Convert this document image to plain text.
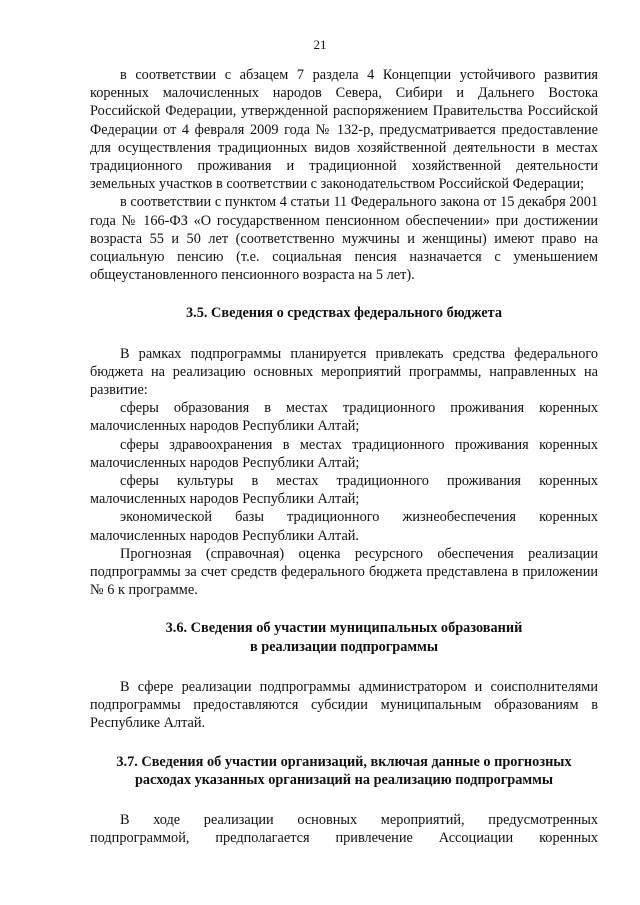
21

в соответствии с абзацем 7 раздела 4 Концепции устойчивого развития коренных малочисленных народов Севера, Сибири и Дальнего Востока Российской Федерации, утвержденной распоряжением Правительства Российской Федерации от 4 февраля 2009 года № 132-р, предусматривается предоставление для осуществления традиционных видов хозяйственной деятельности в местах традиционного проживания и традиционной хозяйственной деятельности земельных участков в соответствии с законодательством Российской Федерации;

в соответствии с пунктом 4 статьи 11 Федерального закона от 15 декабря 2001 года № 166-ФЗ «О государственном пенсионном обеспечении» при достижении возраста 55 и 50 лет (соответственно мужчины и женщины) имеют право на социальную пенсию (т.е. социальная пенсия назначается с уменьшением общеустановленного пенсионного возраста на 5 лет).

3.5. Сведения о средствах федерального бюджета

В рамках подпрограммы планируется привлекать средства федерального бюджета на реализацию основных мероприятий программы, направленных на развитие:

сферы образования в местах традиционного проживания коренных малочисленных народов Республики Алтай;

сферы здравоохранения в местах традиционного проживания коренных малочисленных народов Республики Алтай;

сферы культуры в местах традиционного проживания коренных малочисленных народов Республики Алтай;

экономической базы традиционного жизнеобеспечения коренных малочисленных народов Республики Алтай.

Прогнозная (справочная) оценка ресурсного обеспечения реализации подпрограммы за счет средств федерального бюджета представлена в приложении № 6 к программе.

3.6. Сведения об участии муниципальных образований
в реализации подпрограммы

В сфере реализации подпрограммы администратором и соисполнителями подпрограммы предоставляются субсидии муниципальным образованиям в Республике Алтай.

3.7. Сведения об участии организаций, включая данные о прогнозных
расходах указанных организаций на реализацию подпрограммы

В ходе реализации основных мероприятий, предусмотренных подпрограммой, предполагается привлечение Ассоциации коренных
